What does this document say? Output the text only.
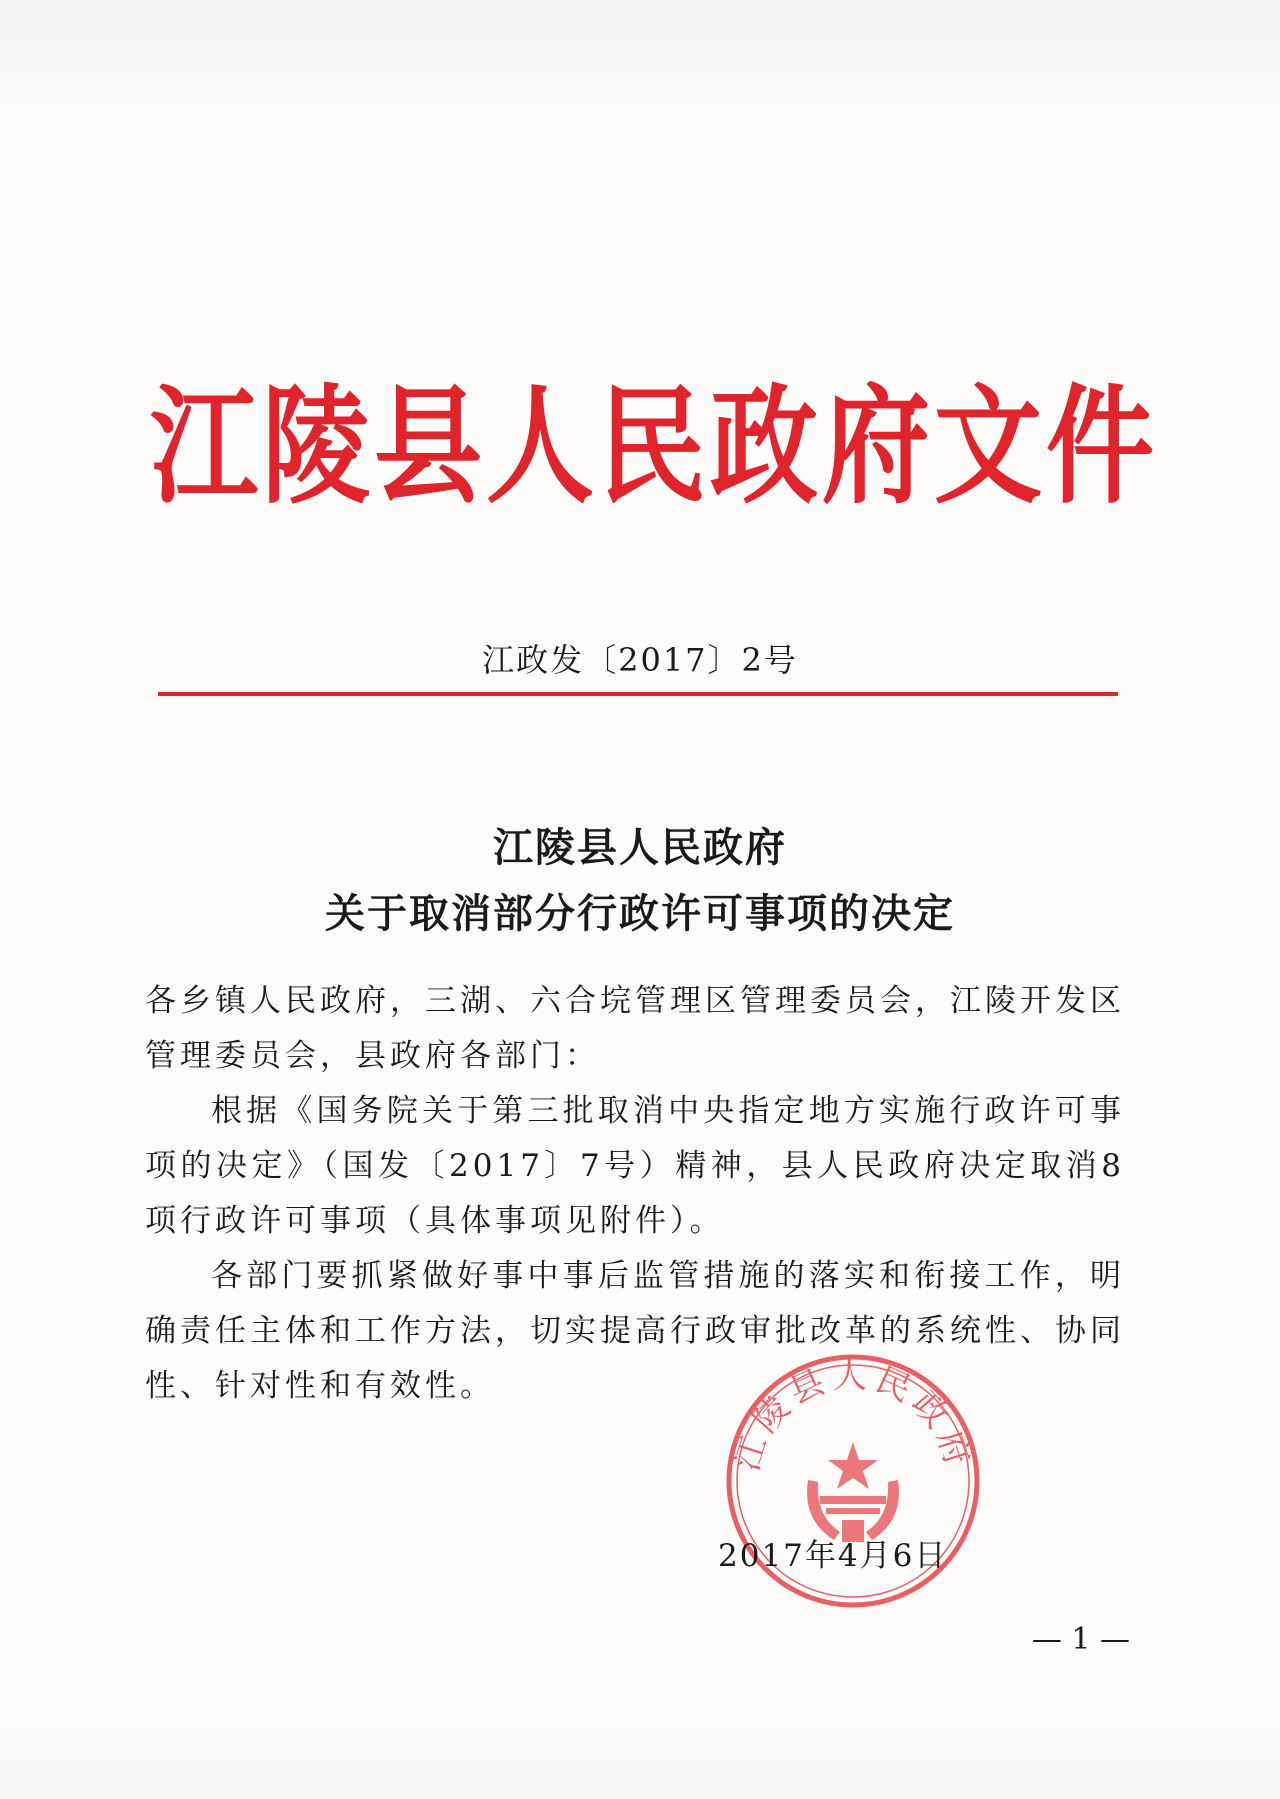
江陵县人民政府文件
江政发〔2017〕2号
江陵县人民政府
关于取消部分行政许可事项的决定

各乡镇人民政府，三湖、六合垸管理区管理委员会，江陵开发区管理委员会，县政府各部门：

根据《国务院关于第三批取消中央指定地方实施行政许可事项的决定》（国发〔2017〕7号）精神，县人民政府决定取消8项行政许可事项（具体事项见附件）。

各部门要抓紧做好事中事后监管措施的落实和衔接工作，明确责任主体和工作方法，切实提高行政审批改革的系统性、协同性、针对性和有效性。

江陵县人民政府
2017年4月6日
— 1 —
